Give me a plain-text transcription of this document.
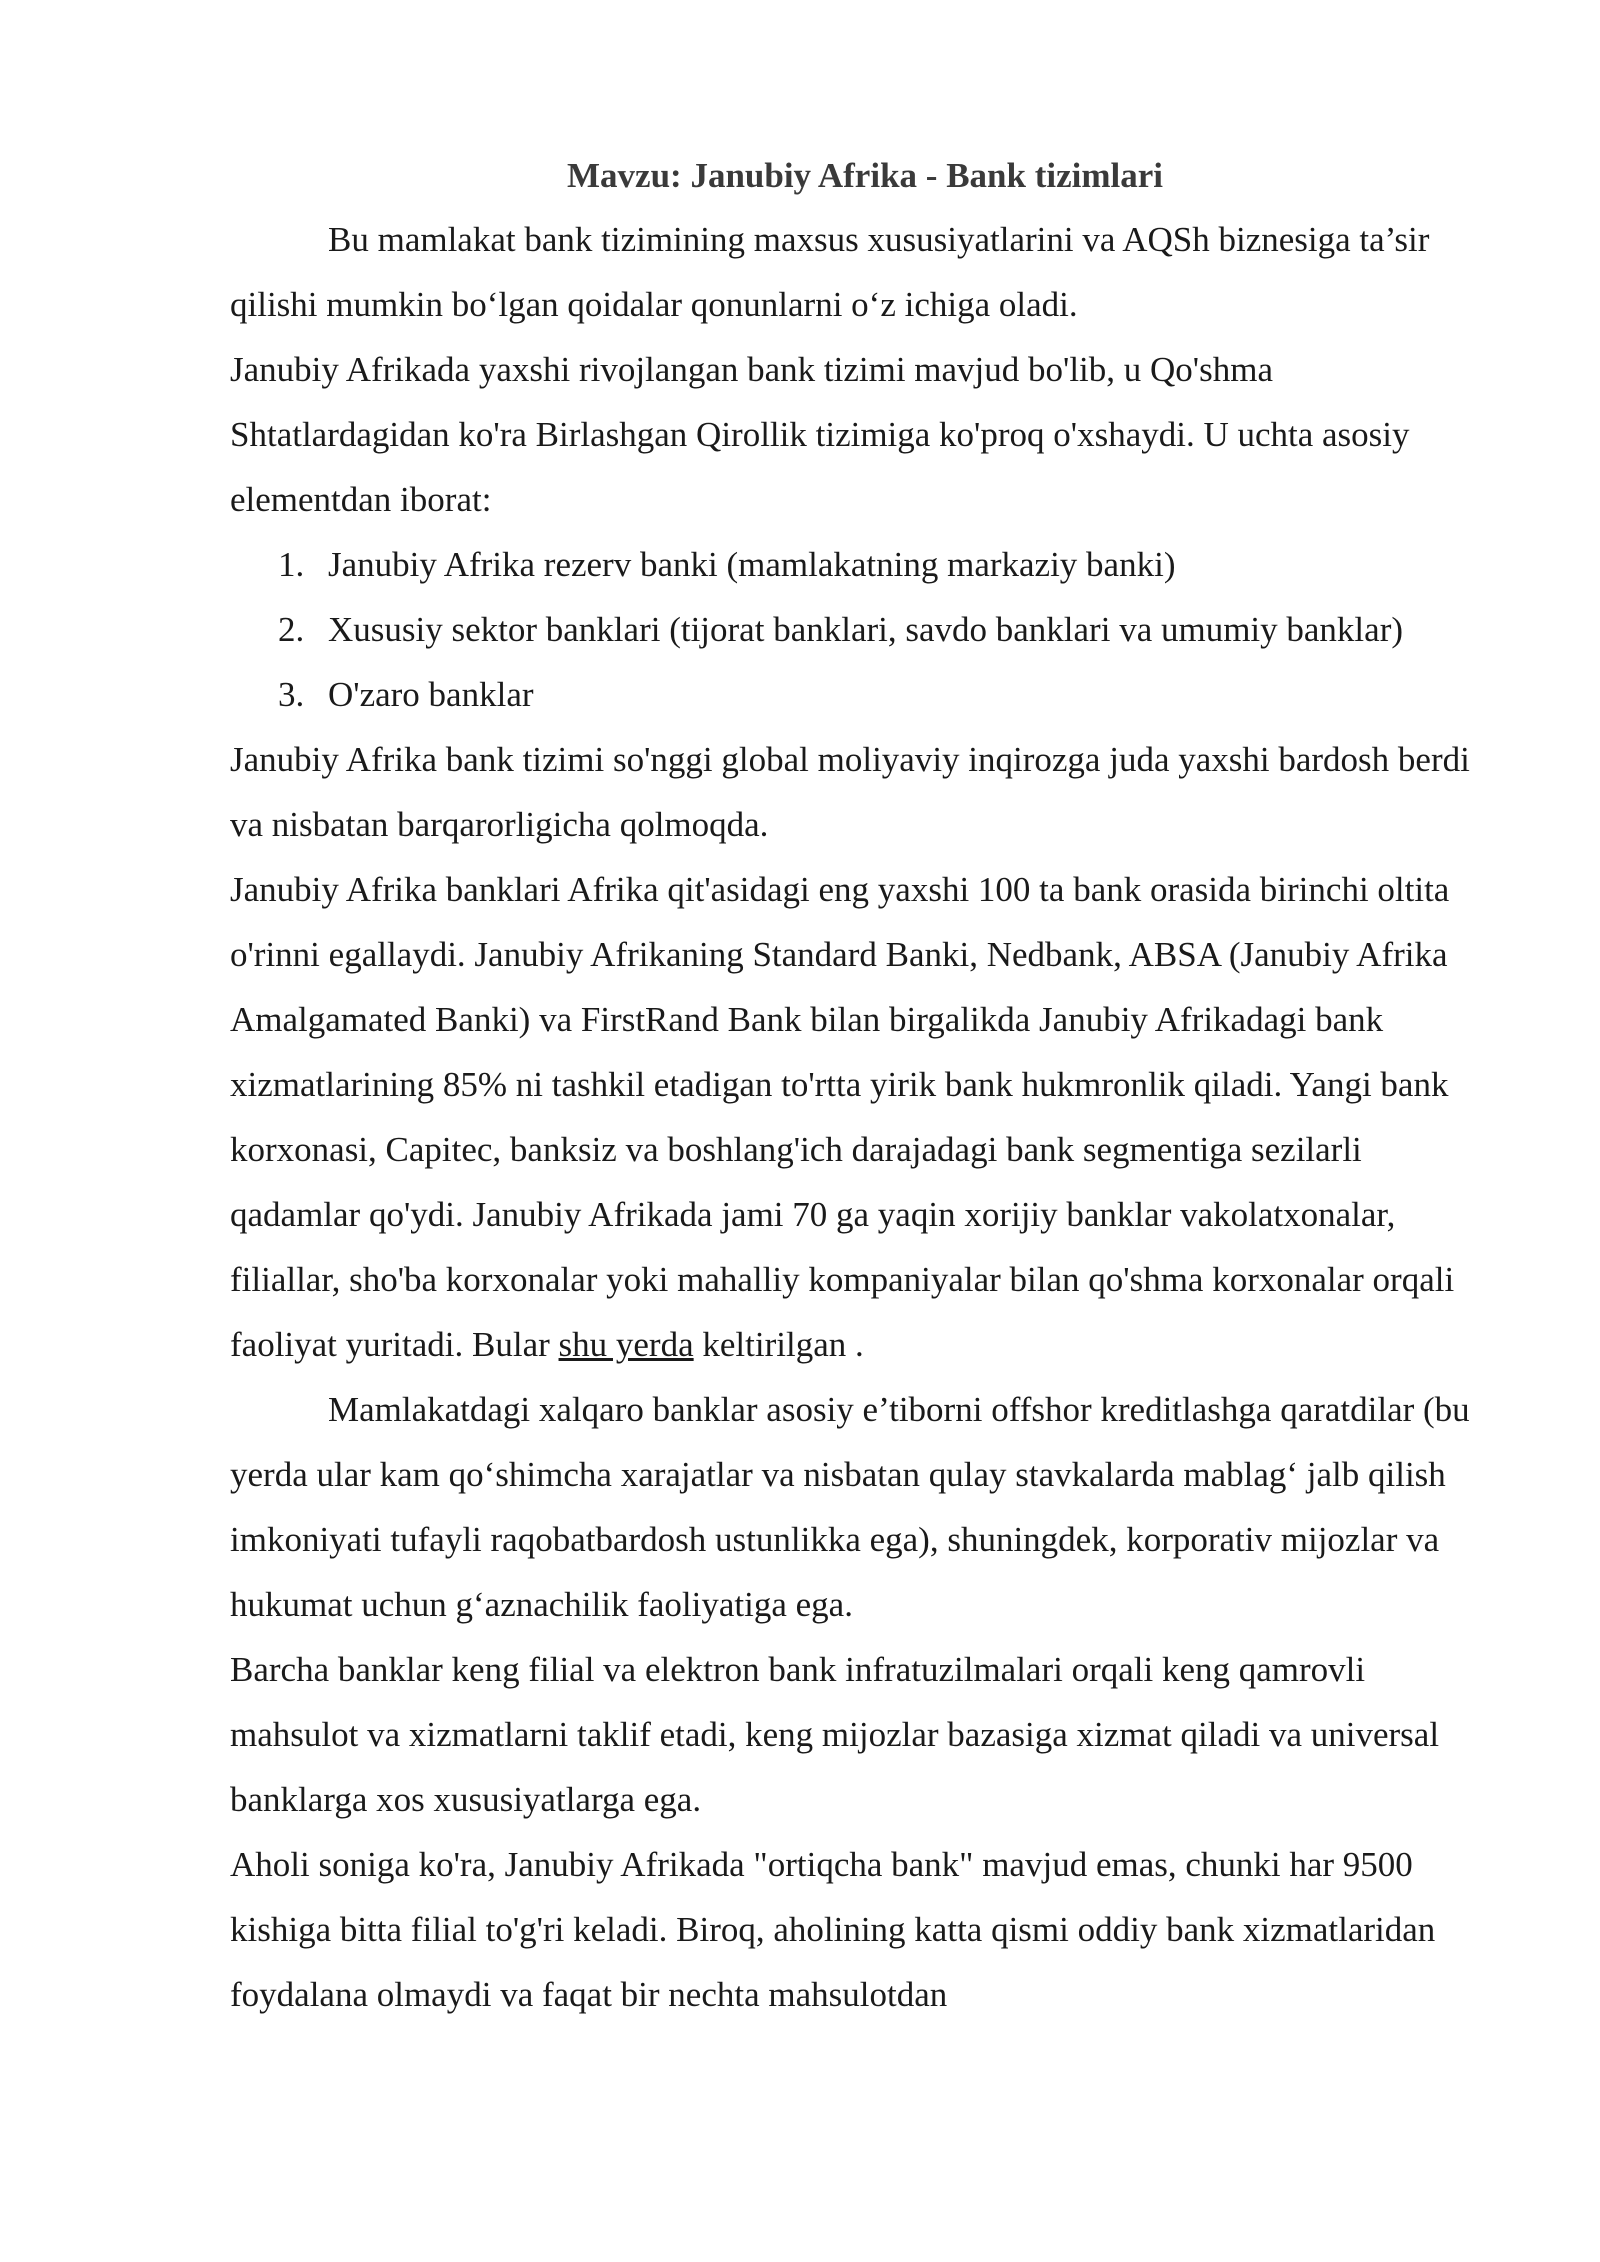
Mavzu: Janubiy Afrika - Bank tizimlari

Bu mamlakat bank tizimining maxsus xususiyatlarini va AQSh biznesiga ta’sir qilishi mumkin bo‘lgan qoidalar qonunlarni o‘z ichiga oladi.

Janubiy Afrikada yaxshi rivojlangan bank tizimi mavjud bo'lib, u Qo'shma Shtatlardagidan ko'ra Birlashgan Qirollik tizimiga ko'proq o'xshaydi. U uchta asosiy elementdan iborat:

1. Janubiy Afrika rezerv banki (mamlakatning markaziy banki)
2. Xususiy sektor banklari (tijorat banklari, savdo banklari va umumiy banklar)
3. O'zaro banklar

Janubiy Afrika bank tizimi so'nggi global moliyaviy inqirozga juda yaxshi bardosh berdi va nisbatan barqarorligicha qolmoqda.

Janubiy Afrika banklari Afrika qit'asidagi eng yaxshi 100 ta bank orasida birinchi oltita o'rinni egallaydi. Janubiy Afrikaning Standard Banki, Nedbank, ABSA (Janubiy Afrika Amalgamated Banki) va FirstRand Bank bilan birgalikda Janubiy Afrikadagi bank xizmatlarining 85% ni tashkil etadigan to'rtta yirik bank hukmronlik qiladi. Yangi bank korxonasi, Capitec, banksiz va boshlang'ich darajadagi bank segmentiga sezilarli qadamlar qo'ydi. Janubiy Afrikada jami 70 ga yaqin xorijiy banklar vakolatxonalar, filiallar, sho'ba korxonalar yoki mahalliy kompaniyalar bilan qo'shma korxonalar orqali faoliyat yuritadi. Bular shu yerda keltirilgan .

Mamlakatdagi xalqaro banklar asosiy e’tiborni offshor kreditlashga qaratdilar (bu yerda ular kam qo‘shimcha xarajatlar va nisbatan qulay stavkalarda mablag‘ jalb qilish imkoniyati tufayli raqobatbardosh ustunlikka ega), shuningdek, korporativ mijozlar va hukumat uchun g‘aznachilik faoliyatiga ega.

Barcha banklar keng filial va elektron bank infratuzilmalari orqali keng qamrovli mahsulot va xizmatlarni taklif etadi, keng mijozlar bazasiga xizmat qiladi va universal banklarga xos xususiyatlarga ega.

Aholi soniga ko'ra, Janubiy Afrikada "ortiqcha bank" mavjud emas, chunki har 9500 kishiga bitta filial to'g'ri keladi. Biroq, aholining katta qismi oddiy bank xizmatlaridan foydalana olmaydi va faqat bir nechta mahsulotdan
